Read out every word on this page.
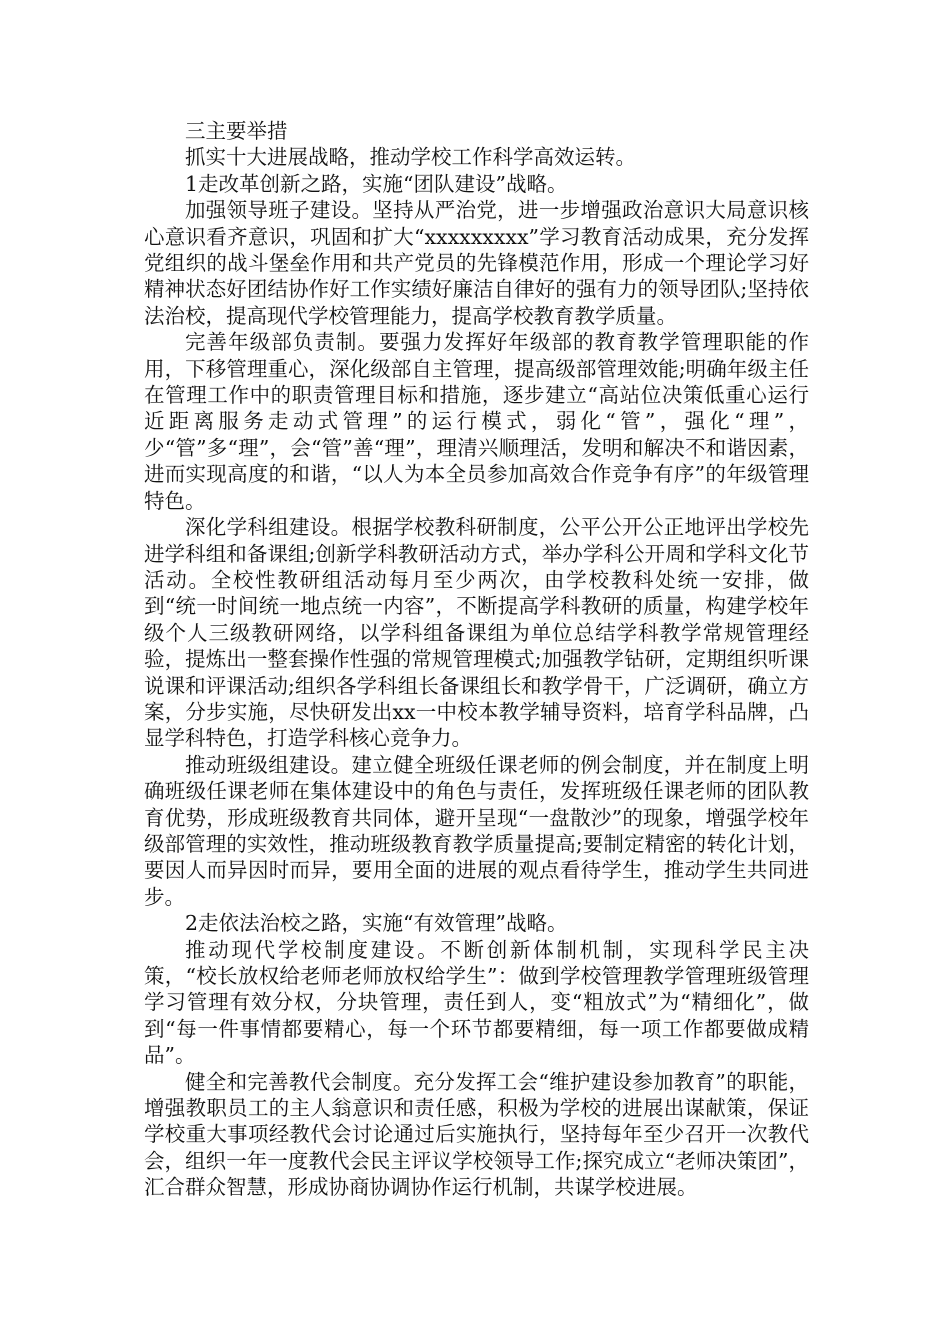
三主要举措

抓实十大进展战略，推动学校工作科学高效运转。

1走改革创新之路，实施“团队建设”战略。

加强领导班子建设。坚持从严治党，进一步增强政治意识大局意识核心意识看齐意识，巩固和扩大“xxxxxxxxx”学习教育活动成果，充分发挥党组织的战斗堡垒作用和共产党员的先锋模范作用，形成一个理论学习好精神状态好团结协作好工作实绩好廉洁自律好的强有力的领导团队;坚持依法治校，提高现代学校管理能力，提高学校教育教学质量。

完善年级部负责制。要强力发挥好年级部的教育教学管理职能的作用，下移管理重心，深化级部自主管理，提高级部管理效能;明确年级主任在管理工作中的职责管理目标和措施，逐步建立“高站位决策低重心运行近距离服务走动式管理”的运行模式，弱化“管”，强化“理”，少“管”多“理”，会“管”善“理”，理清兴顺理活，发明和解决不和谐因素，进而实现高度的和谐，“以人为本全员参加高效合作竞争有序”的年级管理特色。

深化学科组建设。根据学校教科研制度，公平公开公正地评出学校先进学科组和备课组;创新学科教研活动方式，举办学科公开周和学科文化节活动。全校性教研组活动每月至少两次，由学校教科处统一安排，做到“统一时间统一地点统一内容”，不断提高学科教研的质量，构建学校年级个人三级教研网络，以学科组备课组为单位总结学科教学常规管理经验，提炼出一整套操作性强的常规管理模式;加强教学钻研，定期组织听课说课和评课活动;组织各学科组长备课组长和教学骨干，广泛调研，确立方案，分步实施，尽快研发出xx一中校本教学辅导资料，培育学科品牌，凸显学科特色，打造学科核心竞争力。

推动班级组建设。建立健全班级任课老师的例会制度，并在制度上明确班级任课老师在集体建设中的角色与责任，发挥班级任课老师的团队教育优势，形成班级教育共同体，避开呈现“一盘散沙”的现象，增强学校年级部管理的实效性，推动班级教育教学质量提高;要制定精密的转化计划，要因人而异因时而异，要用全面的进展的观点看待学生，推动学生共同进步。

2走依法治校之路，实施“有效管理”战略。

推动现代学校制度建设。不断创新体制机制，实现科学民主决策，“校长放权给老师老师放权给学生”：做到学校管理教学管理班级管理学习管理有效分权，分块管理，责任到人，变“粗放式”为“精细化”，做到“每一件事情都要精心，每一个环节都要精细，每一项工作都要做成精品”。

健全和完善教代会制度。充分发挥工会“维护建设参加教育”的职能，增强教职员工的主人翁意识和责任感，积极为学校的进展出谋献策，保证学校重大事项经教代会讨论通过后实施执行，坚持每年至少召开一次教代会，组织一年一度教代会民主评议学校领导工作;探究成立“老师决策团”，汇合群众智慧，形成协商协调协作运行机制，共谋学校进展。
